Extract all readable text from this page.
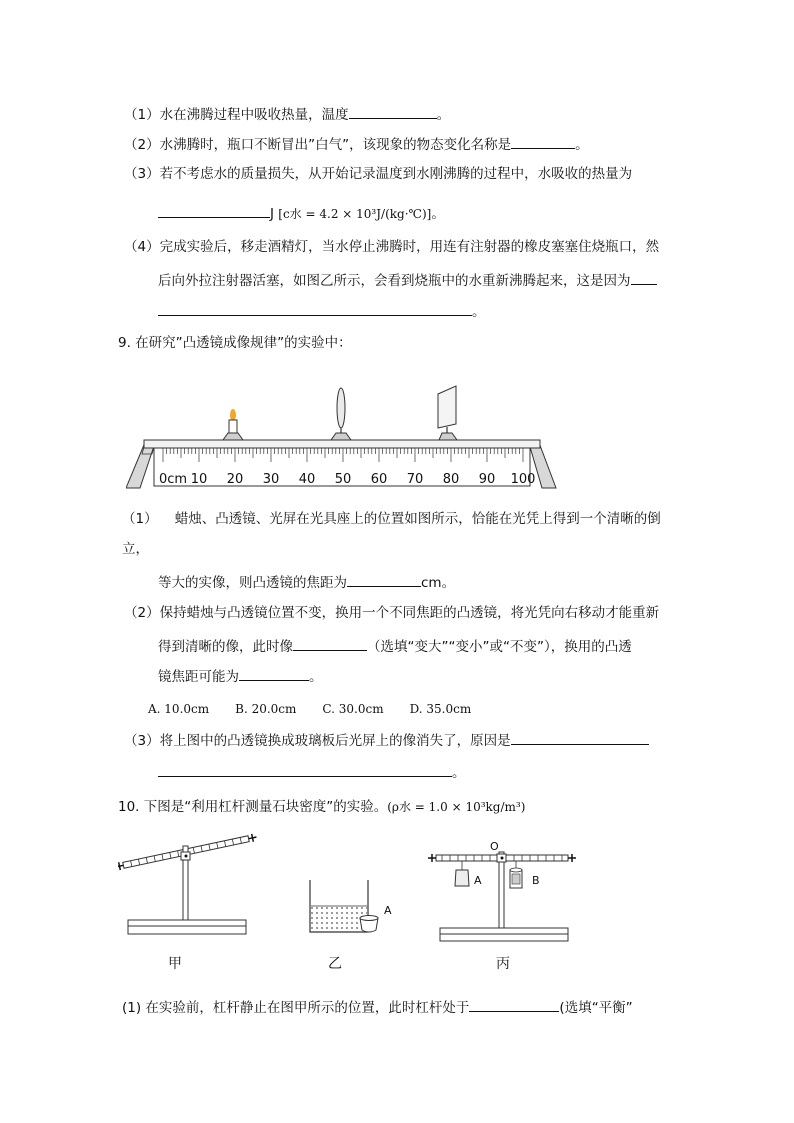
（1）水在沸腾过程中吸收热量，温度	。
（2）水沸腾时，瓶口不断冒出”白气”，该现象的物态变化名称是	。
（3）若不考虑水的质量损失，从开始记录温度到水刚沸腾的过程中，水吸收的热量为
J [c水 = 4.2 × 10³J/(kg·℃)]。
（4）完成实验后，移走酒精灯，当水停止沸腾时，用连有注射器的橡皮塞塞住烧瓶口，然
后向外拉注射器活塞，如图乙所示，会看到烧瓶中的水重新沸腾起来，这是因为
。
9. 在研究”凸透镜成像规律”的实验中：
0cm 10 20 30 40 50 60 70 80 90 100
（1） 蜡烛、凸透镜、光屏在光具座上的位置如图所示，恰能在光凭上得到一个清晰的倒
立，
等大的实像，则凸透镜的焦距为	cm。
（2）保持蜡烛与凸透镜位置不变，换用一个不同焦距的凸透镜，将光凭向右移动才能重新
得到清晰的像，此时像	（选填“变大”“变小”或“不变”），换用的凸透
镜焦距可能为	。
A. 10.0cm B. 20.0cm C. 30.0cm D. 35.0cm
（3）将上图中的凸透镜换成玻璃板后光屏上的像消失了，原因是
。
10. 下图是“利用杠杆测量石块密度”的实验。(ρ水 = 1.0 × 10³kg/m³)
甲
A
乙
O
A	B
丙
(1) 在实验前，杠杆静止在图甲所示的位置，此时杠杆处于	(选填“平衡”
